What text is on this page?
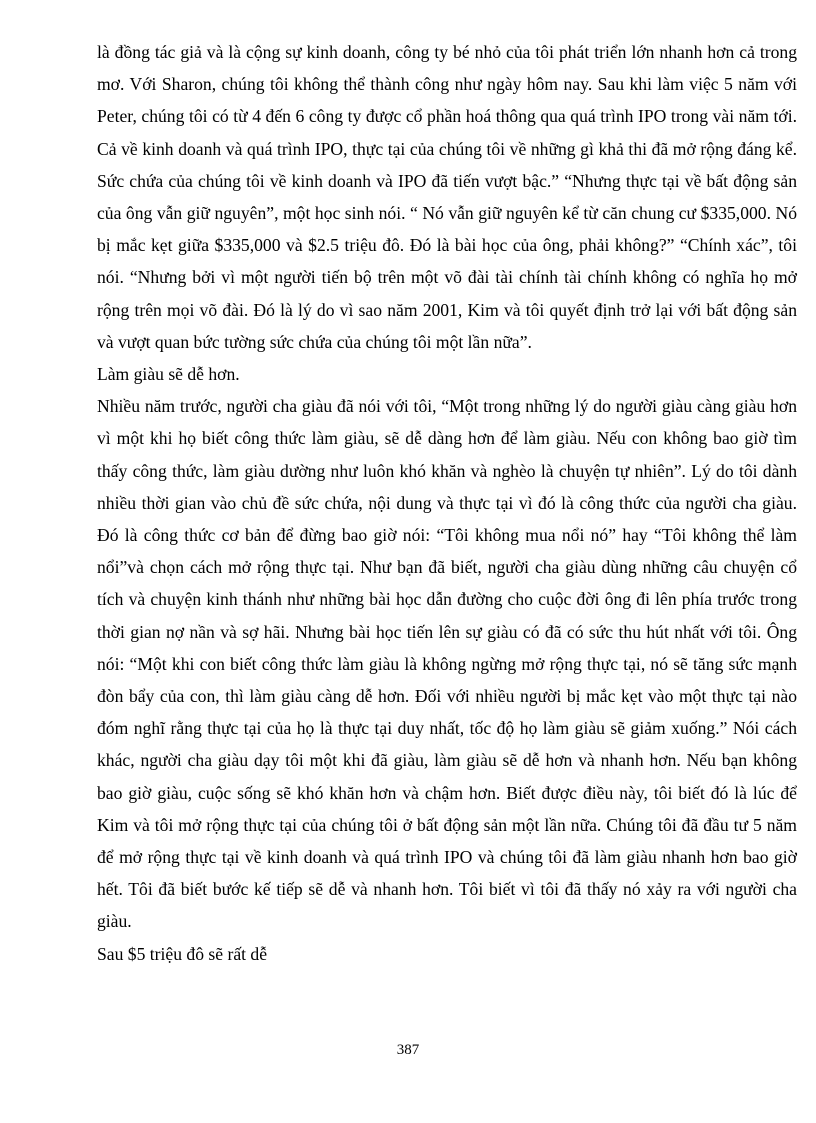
là đồng tác giả và là cộng sự kinh doanh, công ty bé nhỏ của tôi phát triển lớn nhanh hơn cả trong mơ. Với Sharon, chúng tôi không thể thành công như ngày hôm nay. Sau khi làm việc 5 năm với Peter, chúng tôi có từ 4 đến 6 công ty được cổ phần hoá thông qua quá trình IPO trong vài năm tới. Cả về kinh doanh và quá trình IPO, thực tại của chúng tôi về những gì khả thi đã mở rộng đáng kể. Sức chứa của chúng tôi về kinh doanh và IPO đã tiến vượt bậc.” “Nhưng thực tại về bất động sản của ông vẫn giữ nguyên”, một học sinh nói. “ Nó vẫn giữ nguyên kể từ căn chung cư $335,000. Nó bị mắc kẹt giữa $335,000 và $2.5 triệu đô. Đó là bài học của ông, phải không?” “Chính xác”, tôi nói. “Nhưng bởi vì một người tiến bộ trên một võ đài tài chính tài chính không có nghĩa họ mở rộng trên mọi võ đài. Đó là lý do vì sao năm 2001, Kim và tôi quyết định trở lại với bất động sản và vượt quan bức tường sức chứa của chúng tôi một lần nữa”.

Làm giàu sẽ dễ hơn.

Nhiều năm trước, người cha giàu đã nói với tôi, “Một trong những lý do người giàu càng giàu hơn vì một khi họ biết công thức làm giàu, sẽ dễ dàng hơn để làm giàu. Nếu con không bao giờ tìm thấy công thức, làm giàu dường như luôn khó khăn và nghèo là chuyện tự nhiên”. Lý do tôi dành nhiều thời gian vào chủ đề sức chứa, nội dung và thực tại vì đó là công thức của người cha giàu. Đó là công thức cơ bản để đừng bao giờ nói: “Tôi không mua nổi nó” hay “Tôi không thể làm nổi”và chọn cách mở rộng thực tại. Như bạn đã biết, người cha giàu dùng những câu chuyện cổ tích và chuyện kinh thánh như những bài học dẫn đường cho cuộc đời ông đi lên phía trước trong thời gian nợ nần và sợ hãi. Nhưng bài học tiến lên sự giàu có đã có sức thu hút nhất với tôi. Ông nói: “Một khi con biết công thức làm giàu là không ngừng mở rộng thực tại, nó sẽ tăng sức mạnh đòn bẩy của con, thì làm giàu càng dễ hơn. Đối với nhiều người bị mắc kẹt vào một thực tại nào đóm nghĩ rằng thực tại của họ là thực tại duy nhất, tốc độ họ làm giàu sẽ giảm xuống.” Nói cách khác, người cha giàu dạy tôi một khi đã giàu, làm giàu sẽ dễ hơn và nhanh hơn. Nếu bạn không bao giờ giàu, cuộc sống sẽ khó khăn hơn và chậm hơn. Biết được điều này, tôi biết đó là lúc để Kim và tôi mở rộng thực tại của chúng tôi ở bất động sản một lần nữa. Chúng tôi đã đầu tư 5 năm để mở rộng thực tại về kinh doanh và quá trình IPO và chúng tôi đã làm giàu nhanh hơn bao giờ hết. Tôi đã biết bước kế tiếp sẽ dễ và nhanh hơn. Tôi biết vì tôi đã thấy nó xảy ra với người cha giàu.

Sau $5 triệu đô sẽ rất dễ

387
